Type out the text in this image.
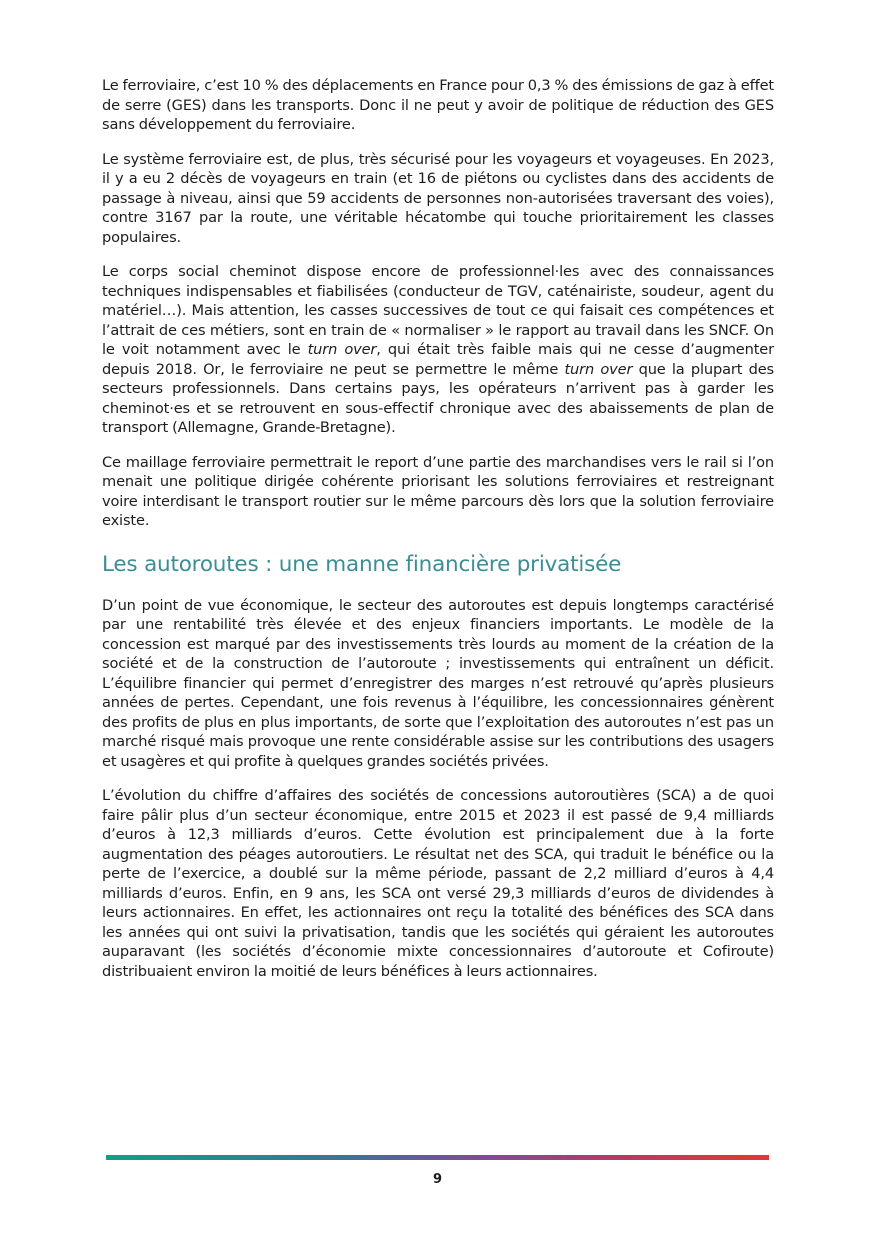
Le ferroviaire, c’est 10 % des déplacements en France pour 0,3 % des émissions de gaz à effet de serre (GES) dans les transports. Donc il ne peut y avoir de politique de réduction des GES sans développement du ferroviaire.

Le système ferroviaire est, de plus, très sécurisé pour les voyageurs et voyageuses. En 2023, il y a eu 2 décès de voyageurs en train (et 16 de piétons ou cyclistes dans des accidents de passage à niveau, ainsi que 59 accidents de personnes non-autorisées traversant des voies), contre 3167 par la route, une véritable hécatombe qui touche prioritairement les classes populaires.

Le corps social cheminot dispose encore de professionnel·les avec des connaissances techniques indispensables et fiabilisées (conducteur de TGV, caténairiste, soudeur, agent du matériel…). Mais attention, les casses successives de tout ce qui faisait ces compétences et l’attrait de ces métiers, sont en train de « normaliser » le rapport au travail dans les SNCF. On le voit notamment avec le turn over, qui était très faible mais qui ne cesse d’augmenter depuis 2018. Or, le ferroviaire ne peut se permettre le même turn over que la plupart des secteurs professionnels. Dans certains pays, les opérateurs n’arrivent pas à garder les cheminot·es et se retrouvent en sous-effectif chronique avec des abaissements de plan de transport (Allemagne, Grande-Bretagne).

Ce maillage ferroviaire permettrait le report d’une partie des marchandises vers le rail si l’on menait une politique dirigée cohérente priorisant les solutions ferroviaires et restreignant voire interdisant le transport routier sur le même parcours dès lors que la solution ferroviaire existe.

Les autoroutes : une manne financière privatisée

D’un point de vue économique, le secteur des autoroutes est depuis longtemps caractérisé par une rentabilité très élevée et des enjeux financiers importants. Le modèle de la concession est marqué par des investissements très lourds au moment de la création de la société et de la construction de l’autoroute ; investissements qui entraînent un déficit. L’équilibre financier qui permet d’enregistrer des marges n’est retrouvé qu’après plusieurs années de pertes. Cependant, une fois revenus à l’équilibre, les concessionnaires génèrent des profits de plus en plus importants, de sorte que l’exploitation des autoroutes n’est pas un marché risqué mais provoque une rente considérable assise sur les contributions des usagers et usagères et qui profite à quelques grandes sociétés privées.

L’évolution du chiffre d’affaires des sociétés de concessions autoroutières (SCA) a de quoi faire pâlir plus d’un secteur économique, entre 2015 et 2023 il est passé de 9,4 milliards d’euros à 12,3 milliards d’euros. Cette évolution est principalement due à la forte augmentation des péages autoroutiers. Le résultat net des SCA, qui traduit le bénéfice ou la perte de l’exercice, a doublé sur la même période, passant de 2,2 milliard d’euros à 4,4 milliards d’euros. Enfin, en 9 ans, les SCA ont versé 29,3 milliards d’euros de dividendes à leurs actionnaires. En effet, les actionnaires ont reçu la totalité des bénéfices des SCA dans les années qui ont suivi la privatisation, tandis que les sociétés qui géraient les autoroutes auparavant (les sociétés d’économie mixte concessionnaires d’autoroute et Cofiroute) distribuaient environ la moitié de leurs bénéfices à leurs actionnaires.

9
